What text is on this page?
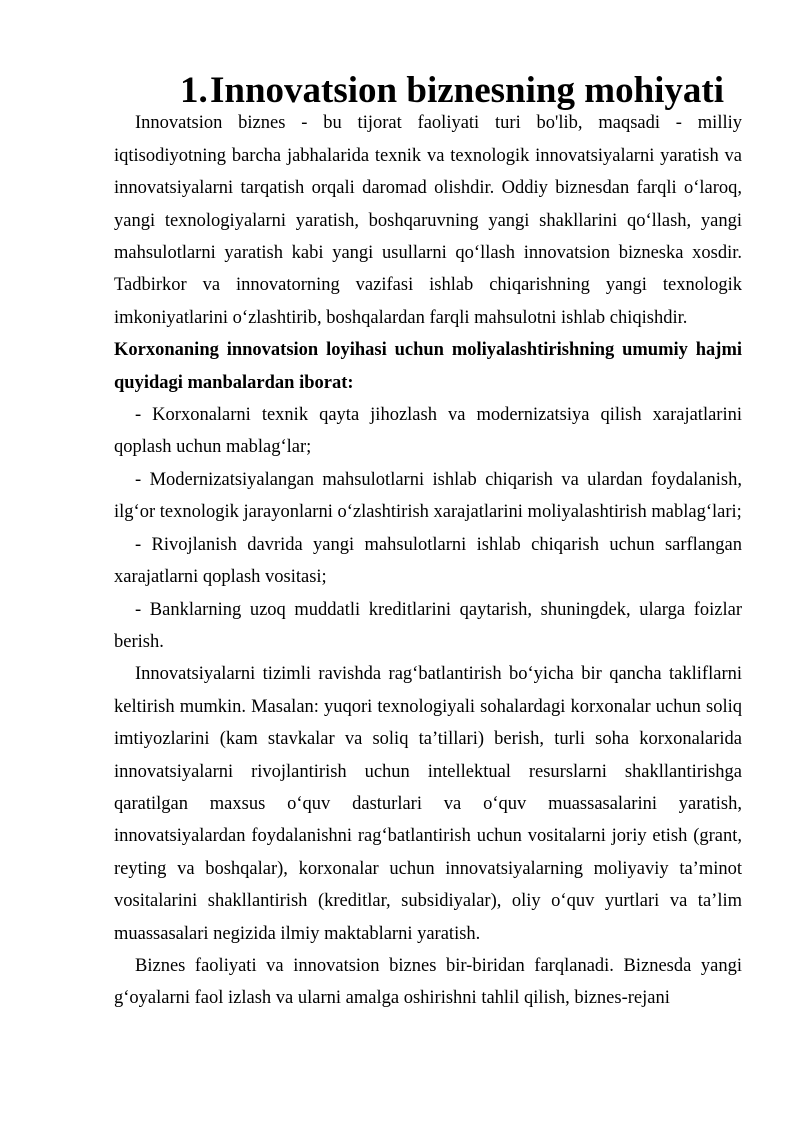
1.Innovatsion biznesning mohiyati

Innovatsion biznes - bu tijorat faoliyati turi bo'lib, maqsadi - milliy iqtisodiyotning barcha jabhalarida texnik va texnologik innovatsiyalarni yaratish va innovatsiyalarni tarqatish orqali daromad olishdir. Oddiy biznesdan farqli o‘laroq, yangi texnologiyalarni yaratish, boshqaruvning yangi shakllarini qo‘llash, yangi mahsulotlarni yaratish kabi yangi usullarni qo‘llash innovatsion bizneska xosdir. Tadbirkor va innovatorning vazifasi ishlab chiqarishning yangi texnologik imkoniyatlarini o‘zlashtirib, boshqalardan farqli mahsulotni ishlab chiqishdir.

Korxonaning innovatsion loyihasi uchun moliyalashtirishning umumiy hajmi quyidagi manbalardan iborat:

- Korxonalarni texnik qayta jihozlash va modernizatsiya qilish xarajatlarini qoplash uchun mablag‘lar;

- Modernizatsiyalangan mahsulotlarni ishlab chiqarish va ulardan foydalanish, ilg‘or texnologik jarayonlarni o‘zlashtirish xarajatlarini moliyalashtirish mablag‘lari;

- Rivojlanish davrida yangi mahsulotlarni ishlab chiqarish uchun sarflangan xarajatlarni qoplash vositasi;

- Banklarning uzoq muddatli kreditlarini qaytarish, shuningdek, ularga foizlar berish.

Innovatsiyalarni tizimli ravishda rag‘batlantirish bo‘yicha bir qancha takliflarni keltirish mumkin. Masalan: yuqori texnologiyali sohalardagi korxonalar uchun soliq imtiyozlarini (kam stavkalar va soliq ta’tillari) berish, turli soha korxonalarida innovatsiyalarni rivojlantirish uchun intellektual resurslarni shakllantirishga qaratilgan maxsus o‘quv dasturlari va o‘quv muassasalarini yaratish, innovatsiyalardan foydalanishni rag‘batlantirish uchun vositalarni joriy etish (grant, reyting va boshqalar), korxonalar uchun innovatsiyalarning moliyaviy ta’minot vositalarini shakllantirish (kreditlar, subsidiyalar), oliy o‘quv yurtlari va ta’lim muassasalari negizida ilmiy maktablarni yaratish.

Biznes faoliyati va innovatsion biznes bir-biridan farqlanadi. Biznesda yangi g‘oyalarni faol izlash va ularni amalga oshirishni tahlil qilish, biznes-rejani
